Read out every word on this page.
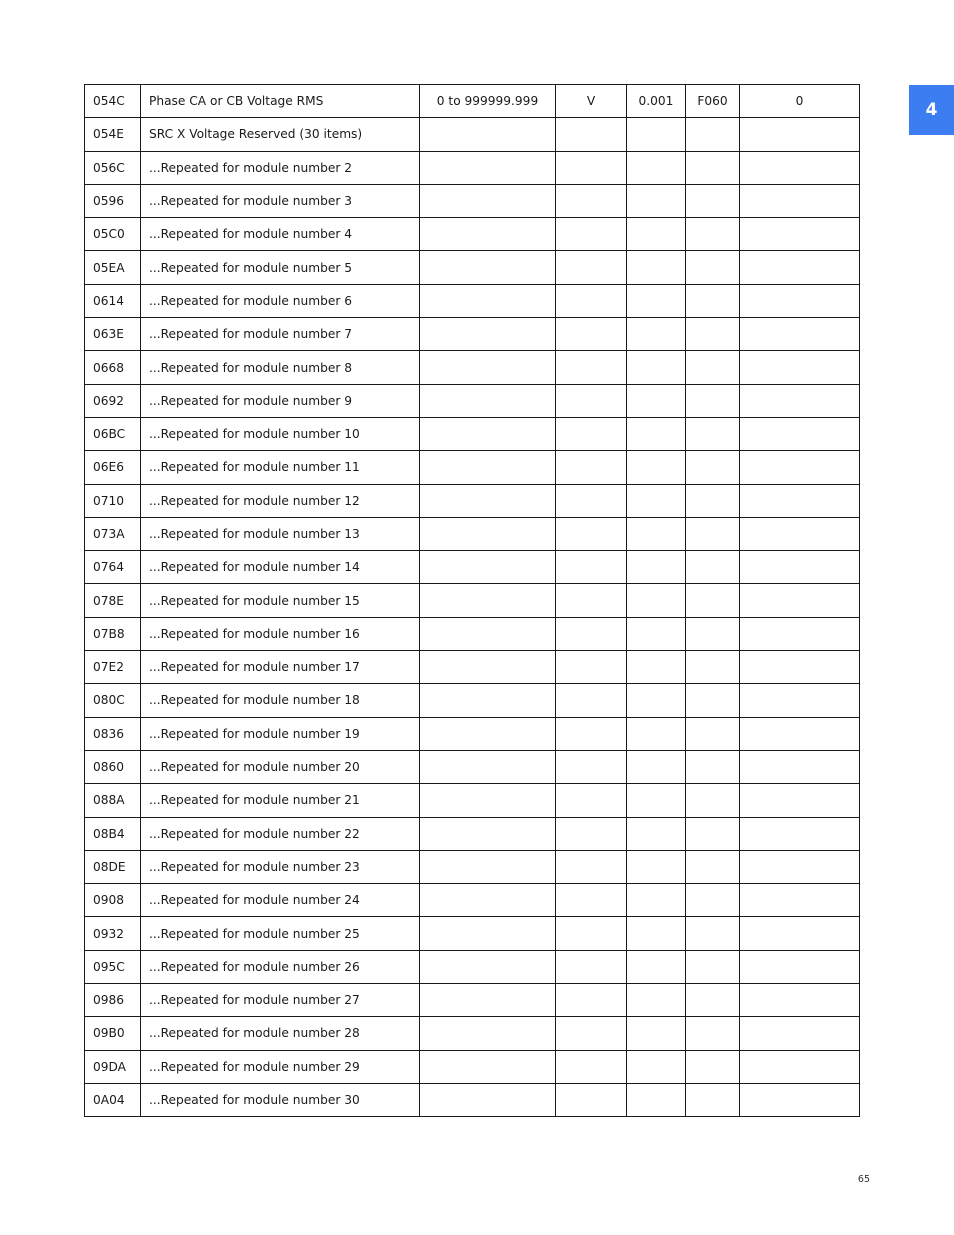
4
054C	Phase CA or CB Voltage RMS	0 to 999999.999	V	0.001	F060	0
054E	SRC X Voltage Reserved (30 items)					
056C	...Repeated for module number 2					
0596	...Repeated for module number 3					
05C0	...Repeated for module number 4					
05EA	...Repeated for module number 5					
0614	...Repeated for module number 6					
063E	...Repeated for module number 7					
0668	...Repeated for module number 8					
0692	...Repeated for module number 9					
06BC	...Repeated for module number 10					
06E6	...Repeated for module number 11					
0710	...Repeated for module number 12					
073A	...Repeated for module number 13					
0764	...Repeated for module number 14					
078E	...Repeated for module number 15					
07B8	...Repeated for module number 16					
07E2	...Repeated for module number 17					
080C	...Repeated for module number 18					
0836	...Repeated for module number 19					
0860	...Repeated for module number 20					
088A	...Repeated for module number 21					
08B4	...Repeated for module number 22					
08DE	...Repeated for module number 23					
0908	...Repeated for module number 24					
0932	...Repeated for module number 25					
095C	...Repeated for module number 26					
0986	...Repeated for module number 27					
09B0	...Repeated for module number 28					
09DA	...Repeated for module number 29					
0A04	...Repeated for module number 30					
65
